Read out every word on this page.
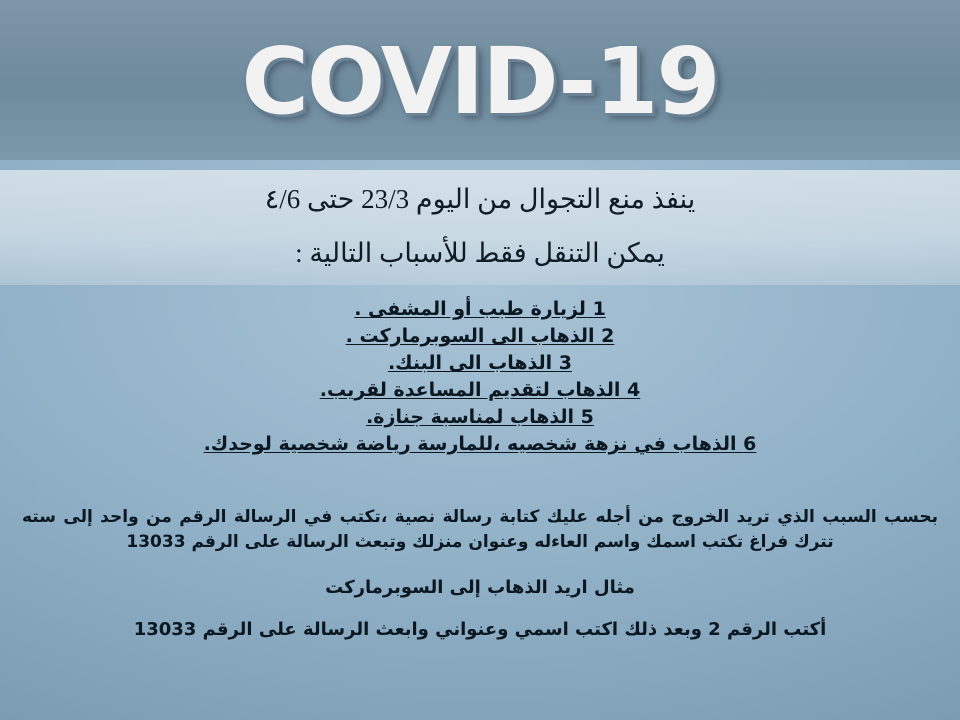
COVID-19
ينفذ منع التجوال من اليوم 23/3 حتى ٤/6
يمكن التنقل فقط للأسباب التالية :
1 لزيارة طبب أو المشفى .
2 الذهاب الى السوبرماركت .
3 الذهاب الى البنك.
4 الذهاب لتقديم المساعدة لقريب.
5 الذهاب لمناسبة جنازة.
6 الذهاب في نزهة شخصيه ،للمارسة رياضة شخصية لوحدك.

بحسب السبب الذي تريد الخروج من أجله عليك كتابة رسالة نصية ،تكتب في الرسالة الرقم من واحد إلى سته تترك فراغ تكتب اسمك واسم العاءله وعنوان منزلك وتبعث الرسالة على الرقم 13033

مثال اريد الذهاب إلى السوبرماركت
أكتب الرقم 2 وبعد ذلك اكتب اسمي وعنواني وابعث الرسالة على الرقم 13033
